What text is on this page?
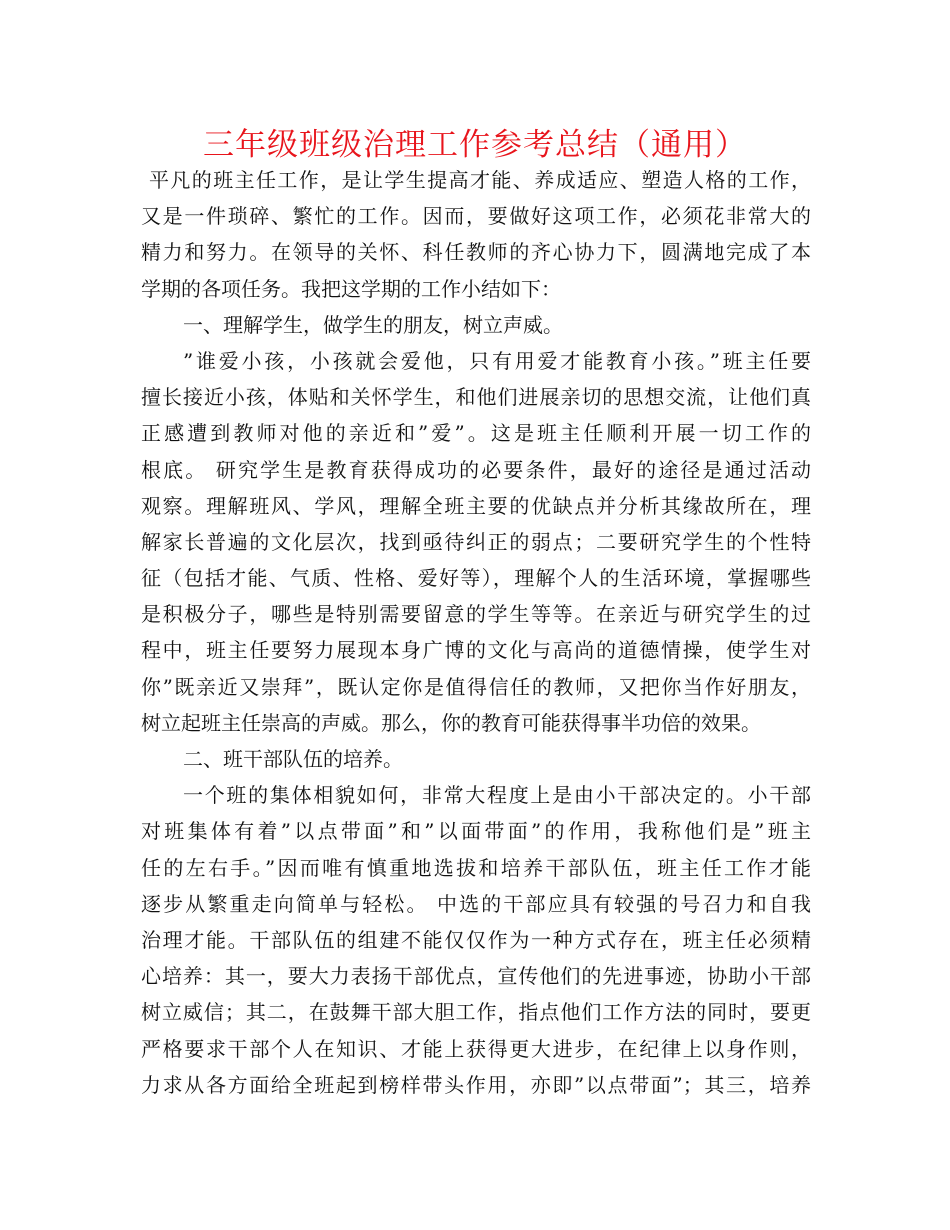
三年级班级治理工作参考总结（通用）
平凡的班主任工作，是让学生提高才能、养成适应、塑造人格的工作，
又是一件琐碎、繁忙的工作。因而，要做好这项工作，必须花非常大的
精力和努力。在领导的关怀、科任教师的齐心协力下，圆满地完成了本
学期的各项任务。我把这学期的工作小结如下：
一、理解学生，做学生的朋友，树立声威。
”谁爱小孩，小孩就会爱他，只有用爱才能教育小孩。”班主任要
擅长接近小孩，体贴和关怀学生，和他们进展亲切的思想交流，让他们真
正感遭到教师对他的亲近和”爱”。这是班主任顺利开展一切工作的
根底。 研究学生是教育获得成功的必要条件，最好的途径是通过活动
观察。理解班风、学风，理解全班主要的优缺点并分析其缘故所在，理
解家长普遍的文化层次，找到亟待纠正的弱点；二要研究学生的个性特
征（包括才能、气质、性格、爱好等），理解个人的生活环境，掌握哪些
是积极分子，哪些是特别需要留意的学生等等。在亲近与研究学生的过
程中，班主任要努力展现本身广博的文化与高尚的道德情操，使学生对
你”既亲近又崇拜”，既认定你是值得信任的教师，又把你当作好朋友，
树立起班主任崇高的声威。那么，你的教育可能获得事半功倍的效果。
二、班干部队伍的培养。
一个班的集体相貌如何，非常大程度上是由小干部决定的。小干部
对班集体有着”以点带面”和”以面带面”的作用，我称他们是”班主
任的左右手。”因而唯有慎重地选拔和培养干部队伍，班主任工作才能
逐步从繁重走向简单与轻松。 中选的干部应具有较强的号召力和自我
治理才能。干部队伍的组建不能仅仅作为一种方式存在，班主任必须精
心培养：其一，要大力表扬干部优点，宣传他们的先进事迹，协助小干部
树立威信；其二，在鼓舞干部大胆工作，指点他们工作方法的同时，要更
严格要求干部个人在知识、才能上获得更大进步，在纪律上以身作则，
力求从各方面给全班起到榜样带头作用，亦即”以点带面”；其三，培养
